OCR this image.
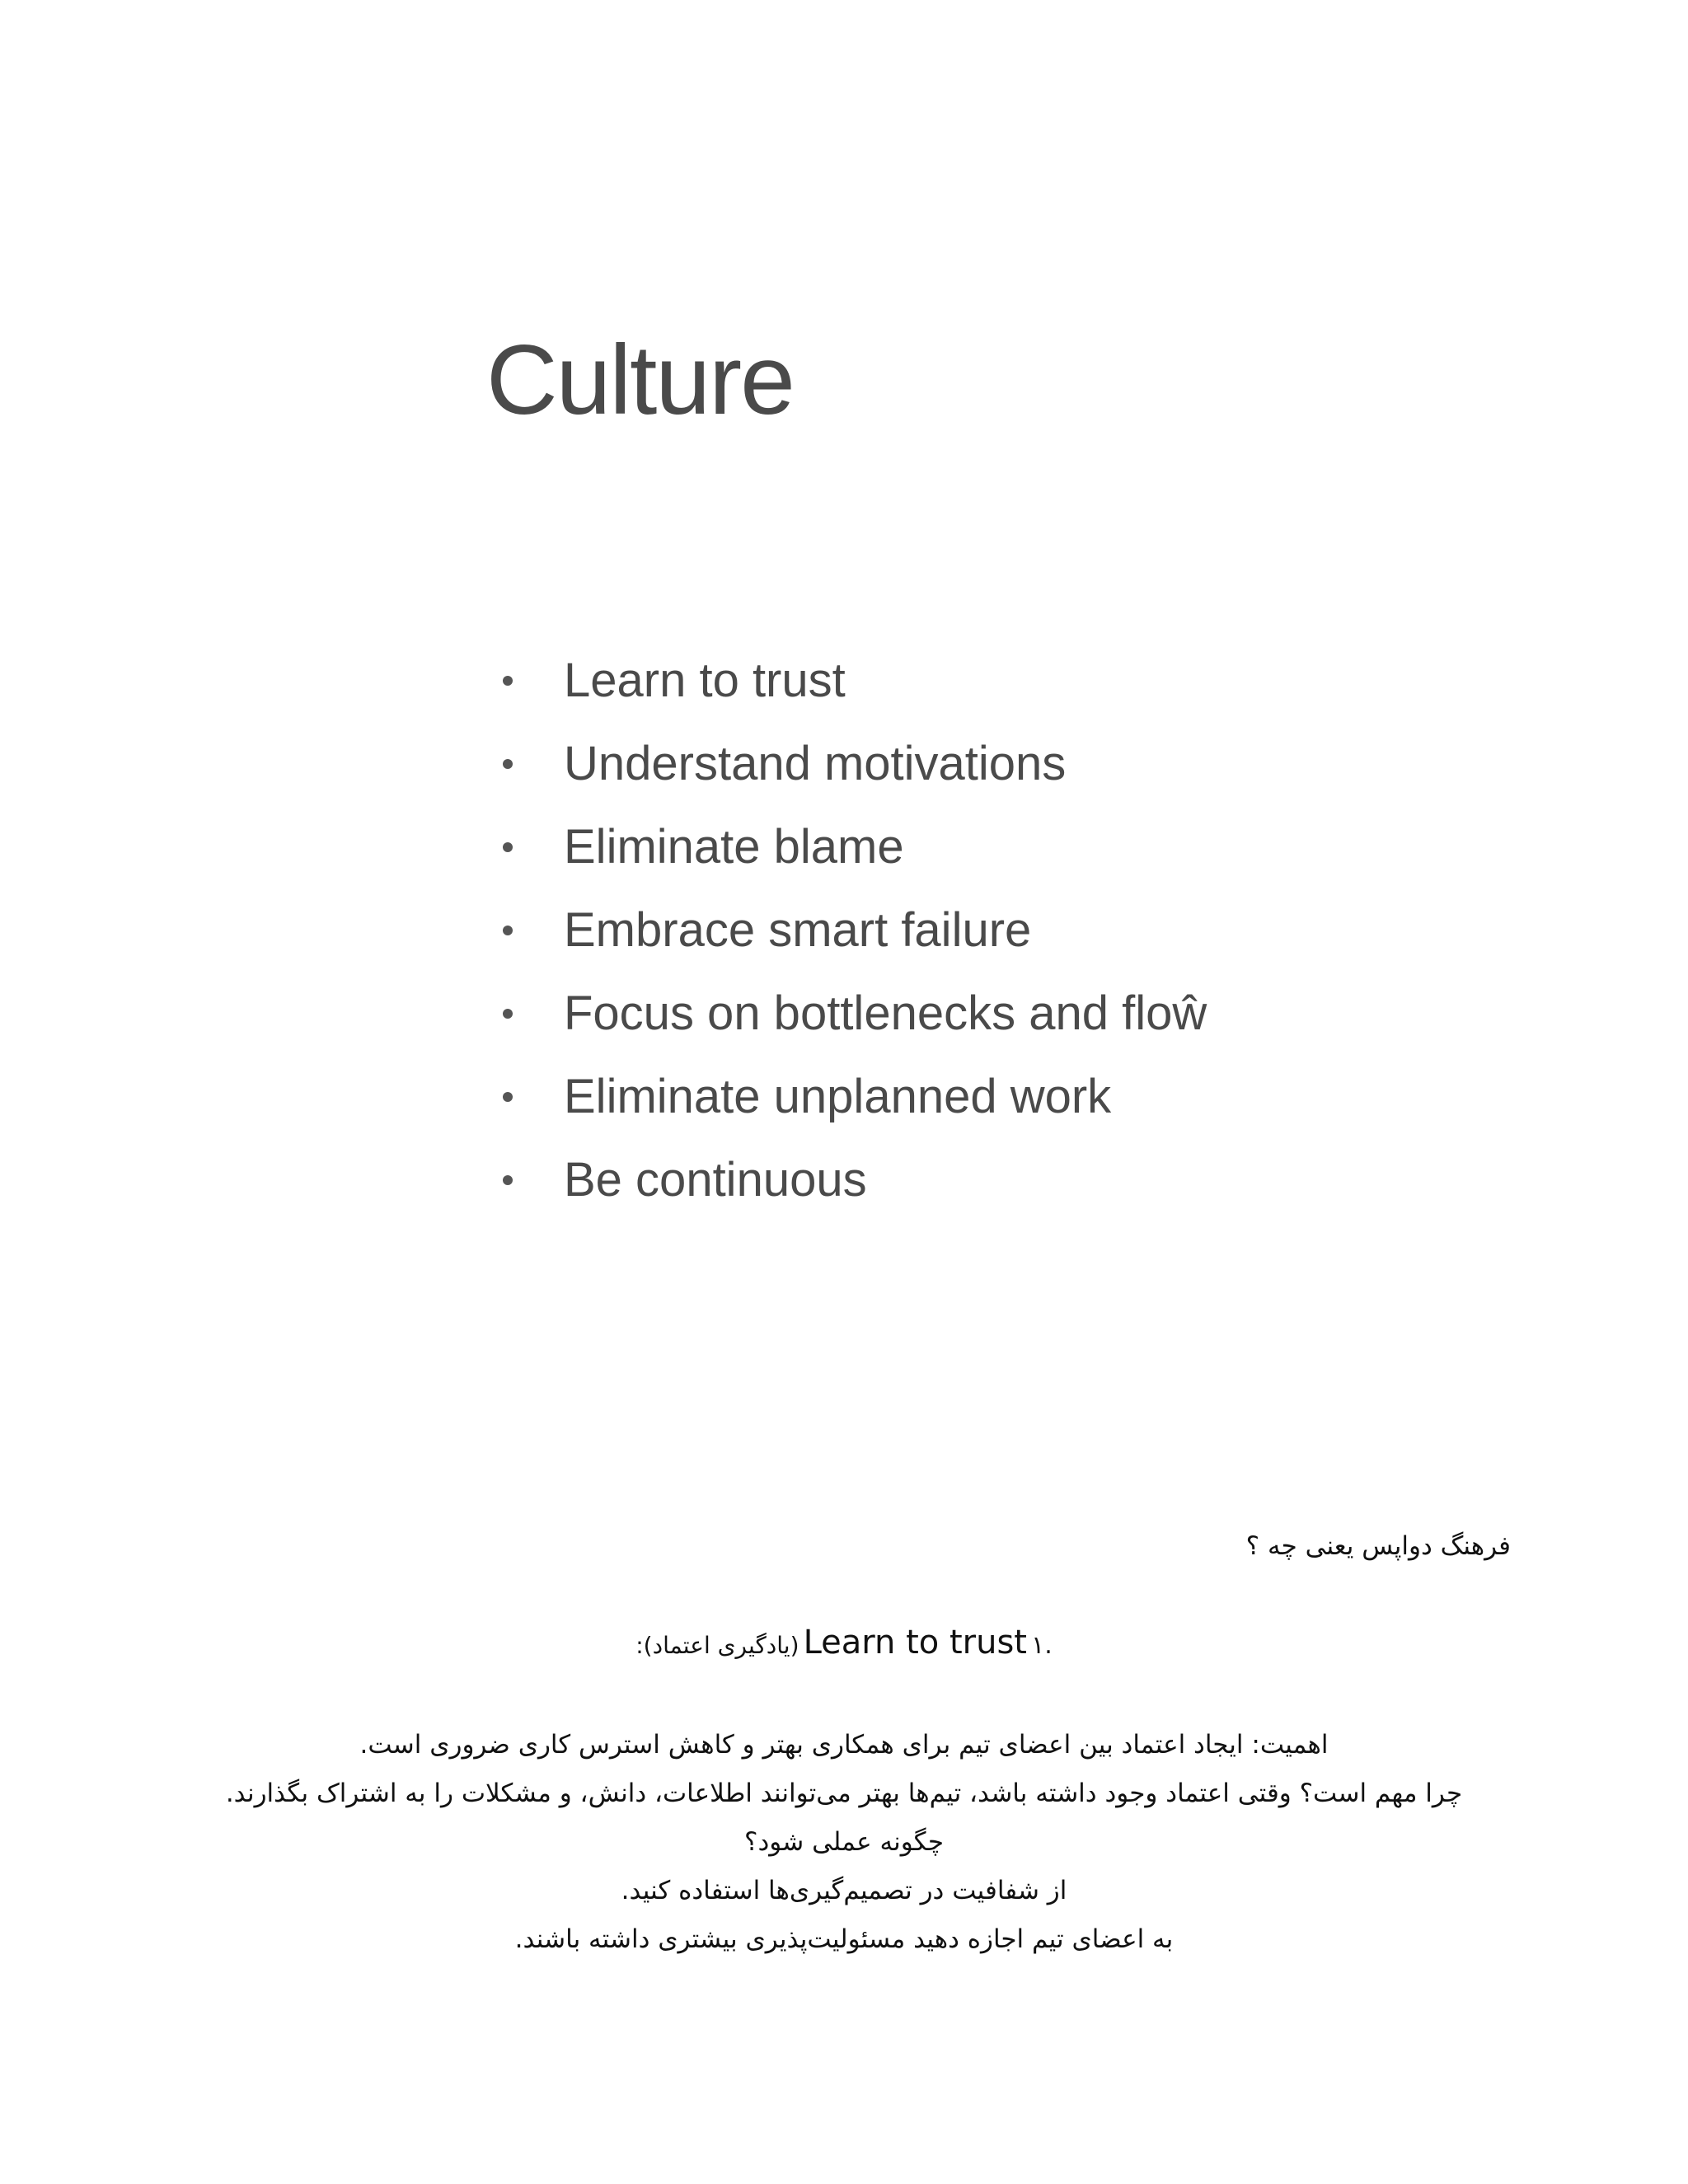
Culture
Learn to trust
Understand motivations
Eliminate blame
Embrace smart failure
Focus on bottlenecks and floŵ
Eliminate unplanned work
Be continuous
فرهنگ دواپس یعنی چه ؟
.۱ Learn to trust (یادگیری اعتماد):
اهمیت: ایجاد اعتماد بین اعضای تیم برای همکاری بهتر و کاهش استرس کاری ضروری است.
چرا مهم است؟ وقتی اعتماد وجود داشته باشد، تیم‌ها بهتر می‌توانند اطلاعات، دانش، و مشکلات را به اشتراک بگذارند.
چگونه عملی شود؟
از شفافیت در تصمیم‌گیری‌ها استفاده کنید.
به اعضای تیم اجازه دهید مسئولیت‌پذیری بیشتری داشته باشند.
